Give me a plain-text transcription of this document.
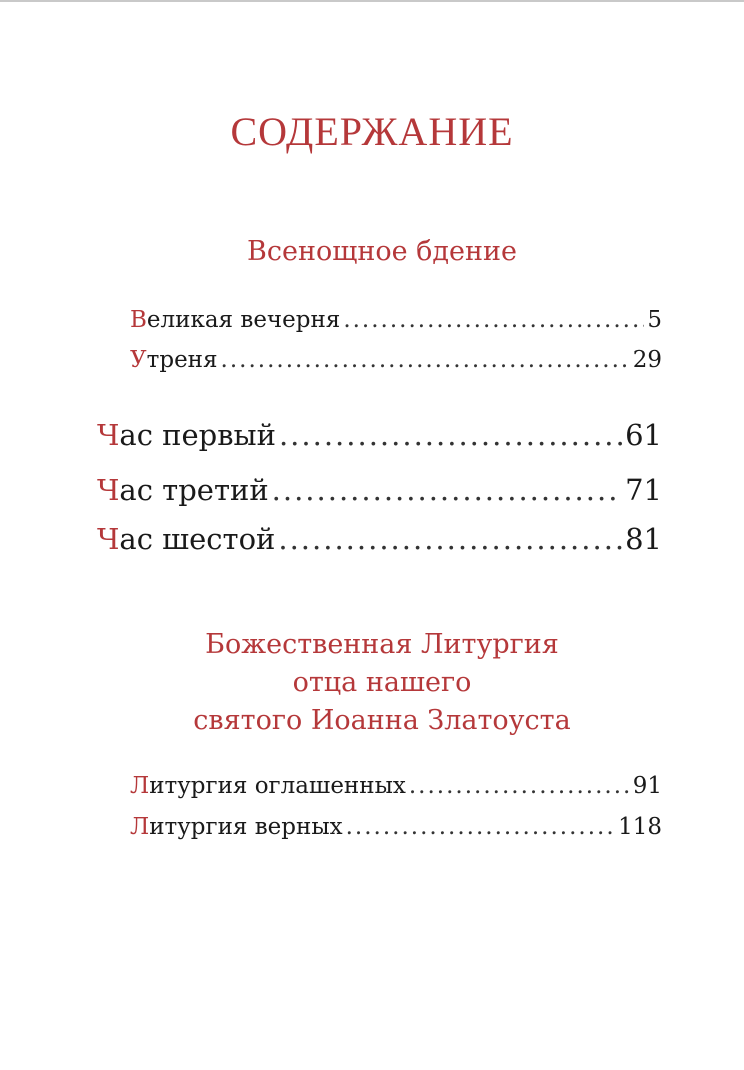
СОДЕРЖАНИЕ
Всенощное бдение
Великая вечерня .....	5
Утреня .....	29
Час первый .....	61
Час третий .....	71
Час шестой .....	81
Божественная Литургия
отца нашего
святого Иоанна Златоуста
Литургия оглашенных .....	91
Литургия верных .....	118
